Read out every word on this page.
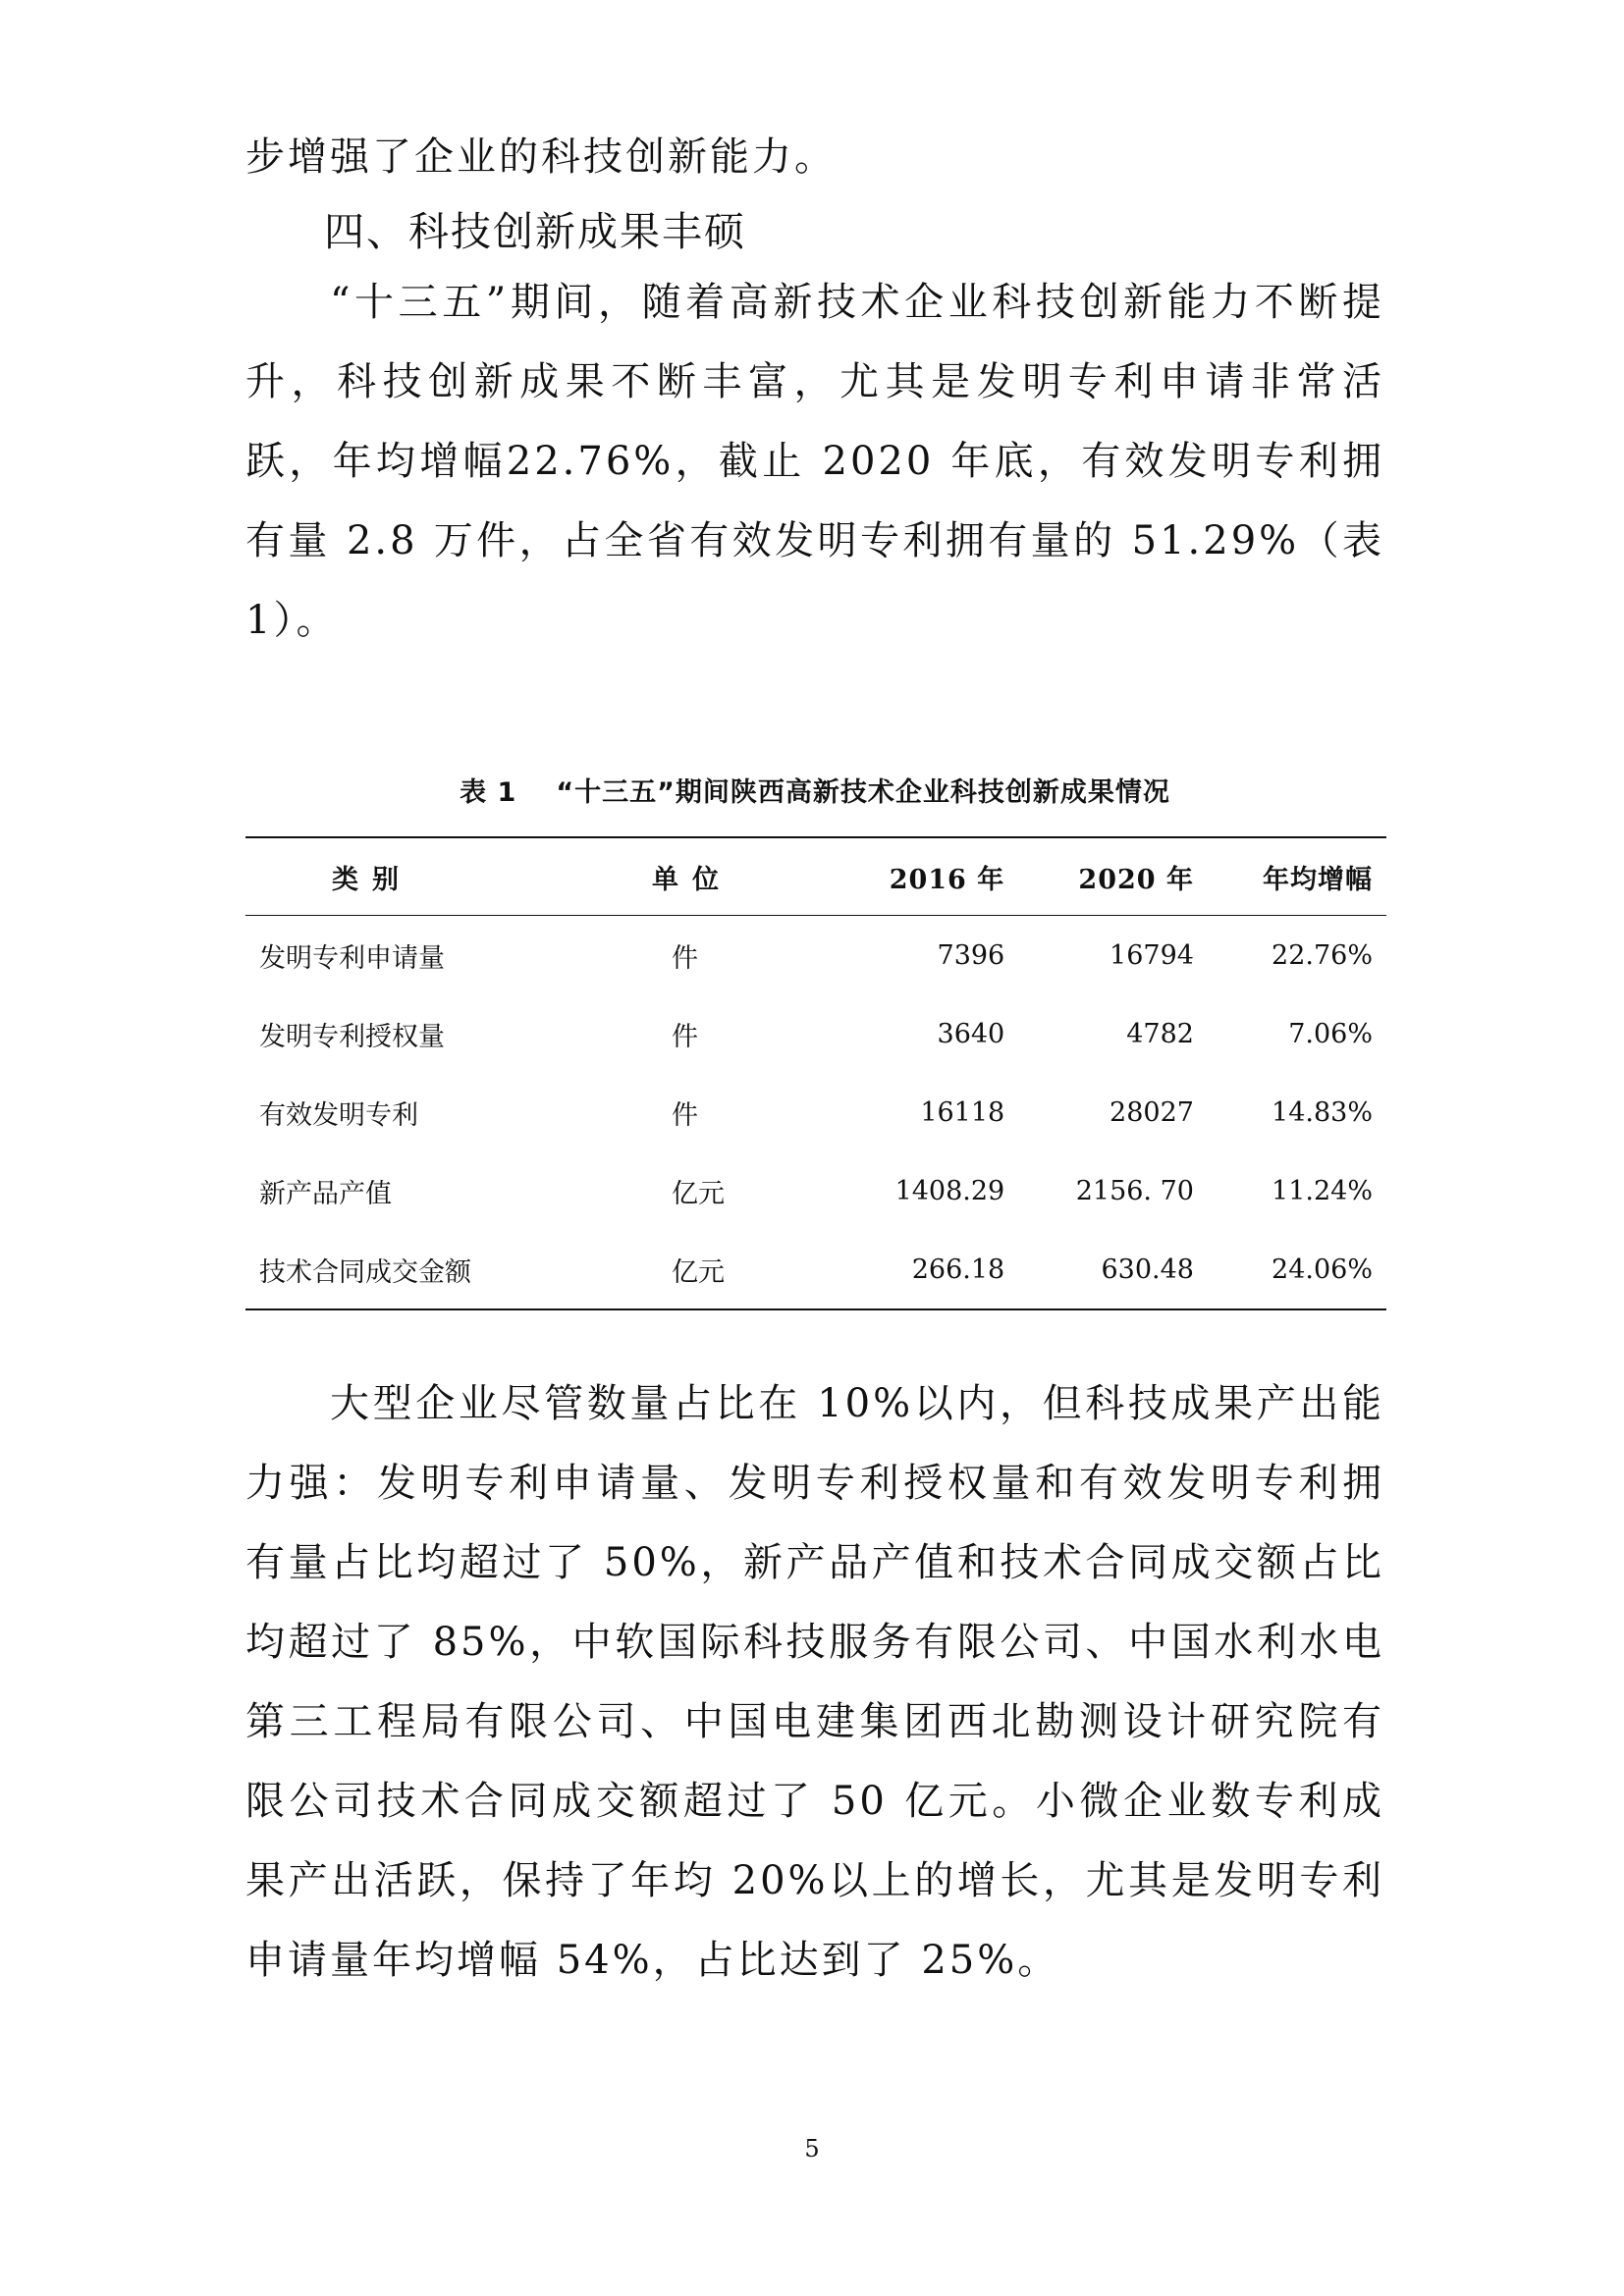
步增强了企业的科技创新能力。

四、科技创新成果丰硕

“十三五”期间，随着高新技术企业科技创新能力不断提升，科技创新成果不断丰富，尤其是发明专利申请非常活跃，年均增幅22.76%，截止 2020 年底，有效发明专利拥有量 2.8 万件，占全省有效发明专利拥有量的 51.29%（表 1）。

表 1 “十三五”期间陕西高新技术企业科技创新成果情况

类别	单位	2016 年	2020 年	年均增幅
发明专利申请量	件	7396	16794	22.76%
发明专利授权量	件	3640	4782	7.06%
有效发明专利	件	16118	28027	14.83%
新产品产值	亿元	1408.29	2156. 70	11.24%
技术合同成交金额	亿元	266.18	630.48	24.06%

大型企业尽管数量占比在 10%以内，但科技成果产出能力强：发明专利申请量、发明专利授权量和有效发明专利拥有量占比均超过了 50%，新产品产值和技术合同成交额占比均超过了 85%，中软国际科技服务有限公司、中国水利水电第三工程局有限公司、中国电建集团西北勘测设计研究院有限公司技术合同成交额超过了 50 亿元。小微企业数专利成果产出活跃，保持了年均 20%以上的增长，尤其是发明专利申请量年均增幅 54%，占比达到了 25%。

5
